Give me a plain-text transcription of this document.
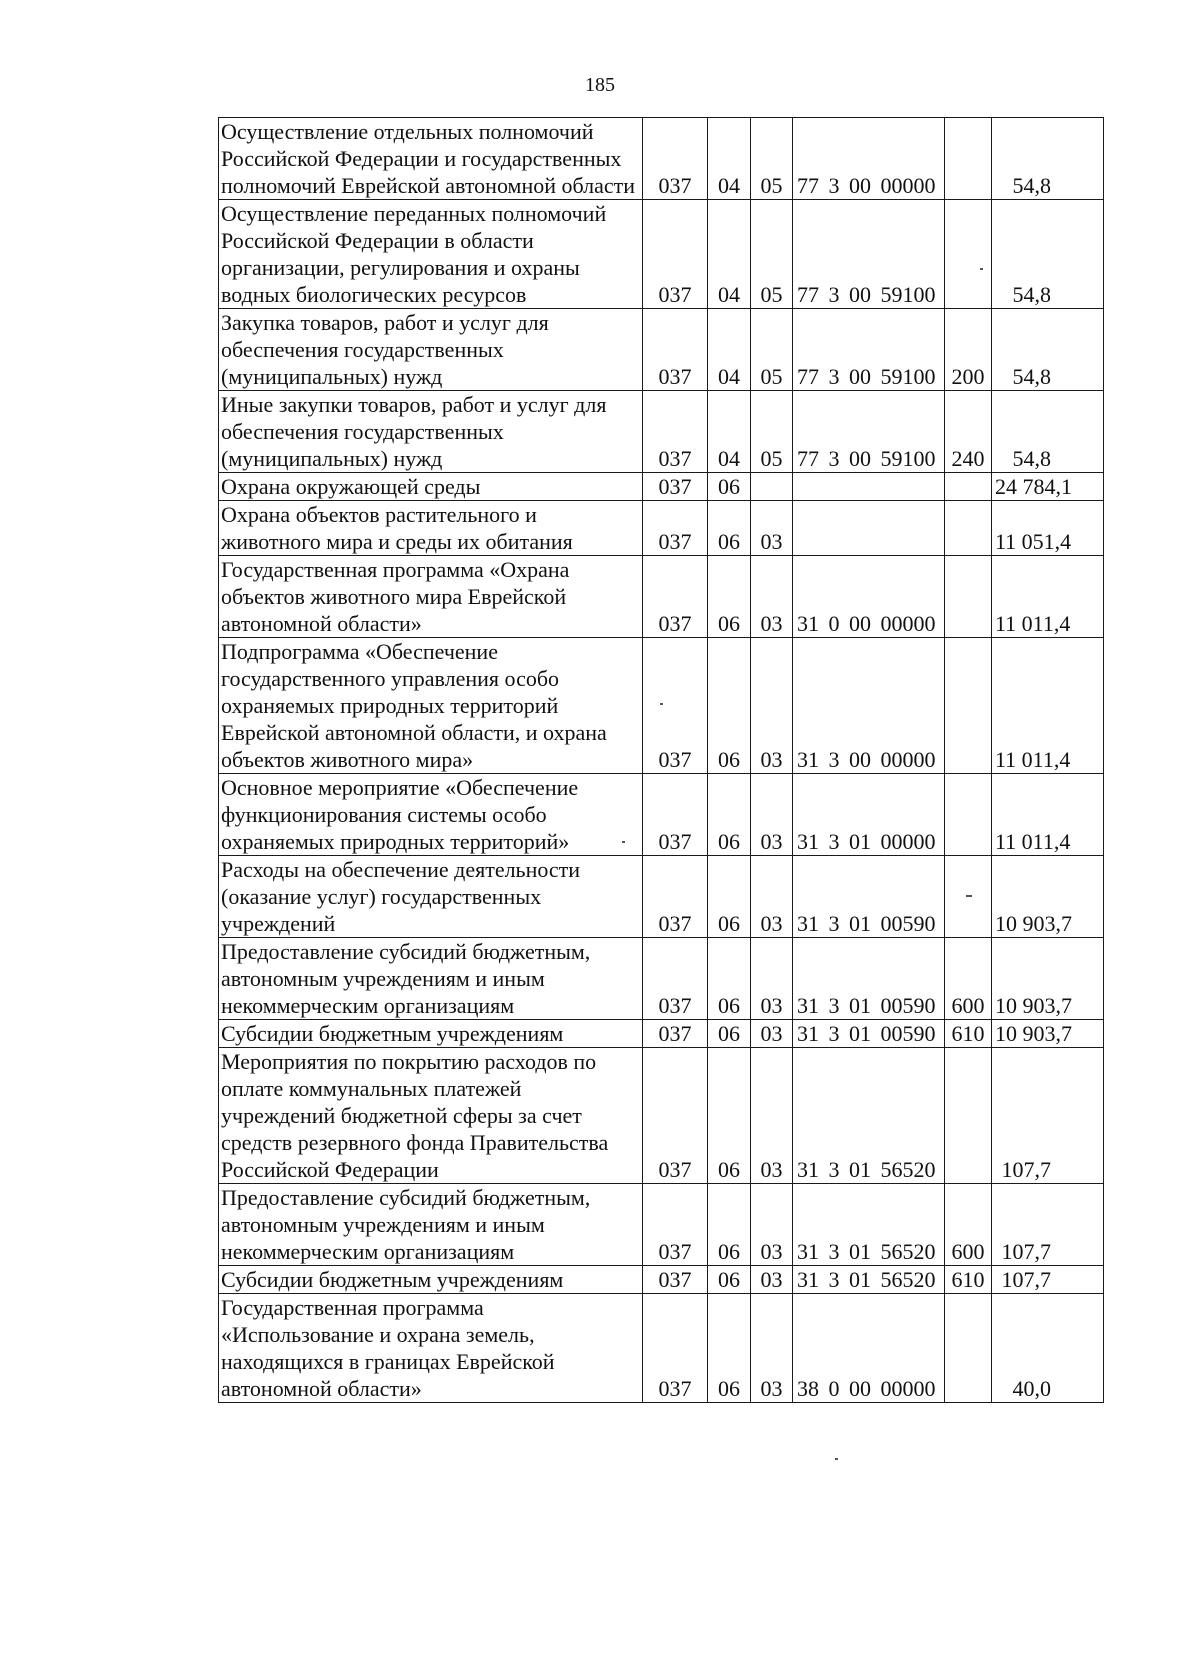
185
Осуществление отдельных полномочий Российской Федерации и государственных полномочий Еврейской автономной области	037	04	05	77 3 00 00000		54,8
Осуществление переданных полномочий Российской Федерации в области организации, регулирования и охраны водных биологических ресурсов	037	04	05	77 3 00 59100		54,8
Закупка товаров, работ и услуг для обеспечения государственных (муниципальных) нужд	037	04	05	77 3 00 59100	200	54,8
Иные закупки товаров, работ и услуг для обеспечения государственных (муниципальных) нужд	037	04	05	77 3 00 59100	240	54,8
Охрана окружающей среды	037	06				24 784,1
Охрана объектов растительного и животного мира и среды их обитания	037	06	03			11 051,4
Государственная программа «Охрана объектов животного мира Еврейской автономной области»	037	06	03	31 0 00 00000		11 011,4
Подпрограмма «Обеспечение государственного управления особо охраняемых природных территорий Еврейской автономной области, и охрана объектов животного мира»	037	06	03	31 3 00 00000		11 011,4
Основное мероприятие «Обеспечение функционирования системы особо охраняемых природных территорий»	037	06	03	31 3 01 00000		11 011,4
Расходы на обеспечение деятельности (оказание услуг) государственных учреждений	037	06	03	31 3 01 00590		10 903,7
Предоставление субсидий бюджетным, автономным учреждениям и иным некоммерческим организациям	037	06	03	31 3 01 00590	600	10 903,7
Субсидии бюджетным учреждениям	037	06	03	31 3 01 00590	610	10 903,7
Мероприятия по покрытию расходов по оплате коммунальных платежей учреждений бюджетной сферы за счет средств резервного фонда Правительства Российской Федерации	037	06	03	31 3 01 56520		107,7
Предоставление субсидий бюджетным, автономным учреждениям и иным некоммерческим организациям	037	06	03	31 3 01 56520	600	107,7
Субсидии бюджетным учреждениям	037	06	03	31 3 01 56520	610	107,7
Государственная программа «Использование и охрана земель, находящихся в границах Еврейской автономной области»	037	06	03	38 0 00 00000		40,0
